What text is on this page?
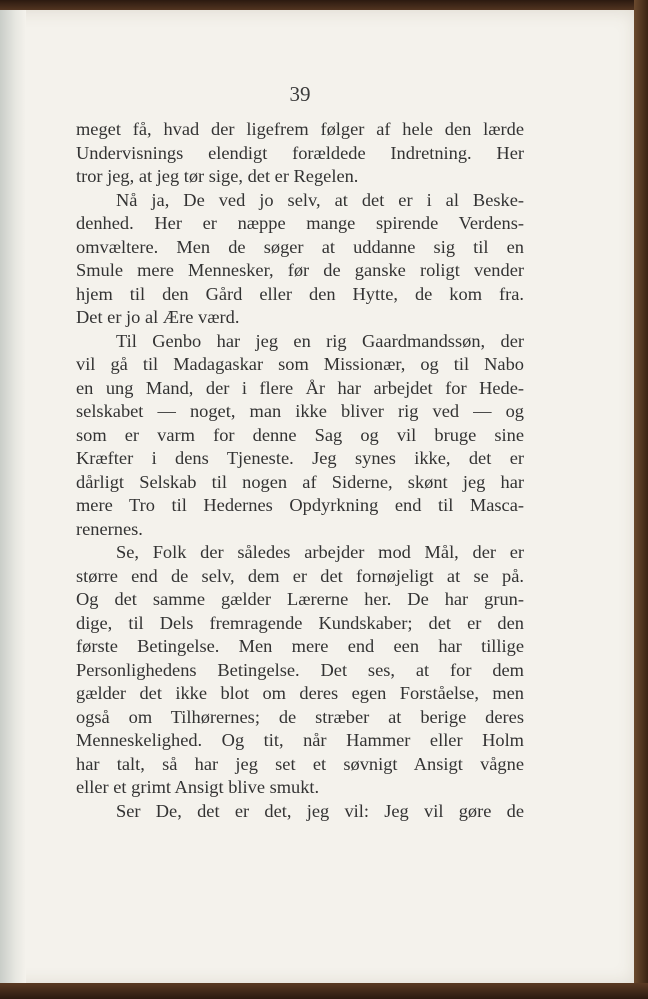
39
meget få, hvad der ligefrem følger af hele den lærde
Undervisnings elendigt forældede Indretning. Her
tror jeg, at jeg tør sige, det er Regelen.
Nå ja, De ved jo selv, at det er i al Beske-
denhed. Her er næppe mange spirende Verdens-
omvæltere. Men de søger at uddanne sig til en
Smule mere Mennesker, før de ganske roligt vender
hjem til den Gård eller den Hytte, de kom fra.
Det er jo al Ære værd.
Til Genbo har jeg en rig Gaardmandssøn, der
vil gå til Madagaskar som Missionær, og til Nabo
en ung Mand, der i flere År har arbejdet for Hede-
selskabet — noget, man ikke bliver rig ved — og
som er varm for denne Sag og vil bruge sine
Kræfter i dens Tjeneste. Jeg synes ikke, det er
dårligt Selskab til nogen af Siderne, skønt jeg har
mere Tro til Hedernes Opdyrkning end til Masca-
renernes.
Se, Folk der således arbejder mod Mål, der er
større end de selv, dem er det fornøjeligt at se på.
Og det samme gælder Lærerne her. De har grun-
dige, til Dels fremragende Kundskaber; det er den
første Betingelse. Men mere end een har tillige
Personlighedens Betingelse. Det ses, at for dem
gælder det ikke blot om deres egen Forståelse, men
også om Tilhørernes; de stræber at berige deres
Menneskelighed. Og tit, når Hammer eller Holm
har talt, så har jeg set et søvnigt Ansigt vågne
eller et grimt Ansigt blive smukt.
Ser De, det er det, jeg vil: Jeg vil gøre de
